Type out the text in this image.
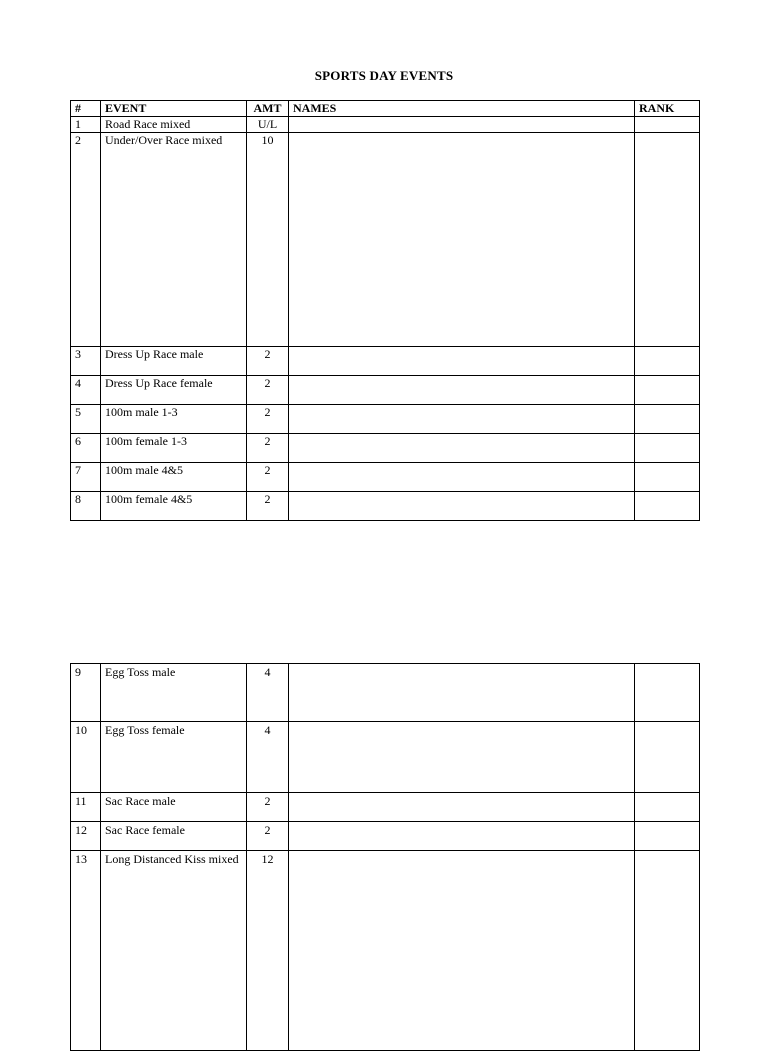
SPORTS DAY EVENTS
#	EVENT	AMT	NAMES	RANK
1	Road Race mixed	U/L		
2	Under/Over Race mixed	10		
3	Dress Up Race male	2		
4	Dress Up Race female	2		
5	100m male 1-3	2		
6	100m female 1-3	2		
7	100m male 4&5	2		
8	100m female 4&5	2		
9	Egg Toss male	4		
10	Egg Toss female	4		
11	Sac Race male	2		
12	Sac Race female	2		
13	Long Distanced Kiss mixed	12		
